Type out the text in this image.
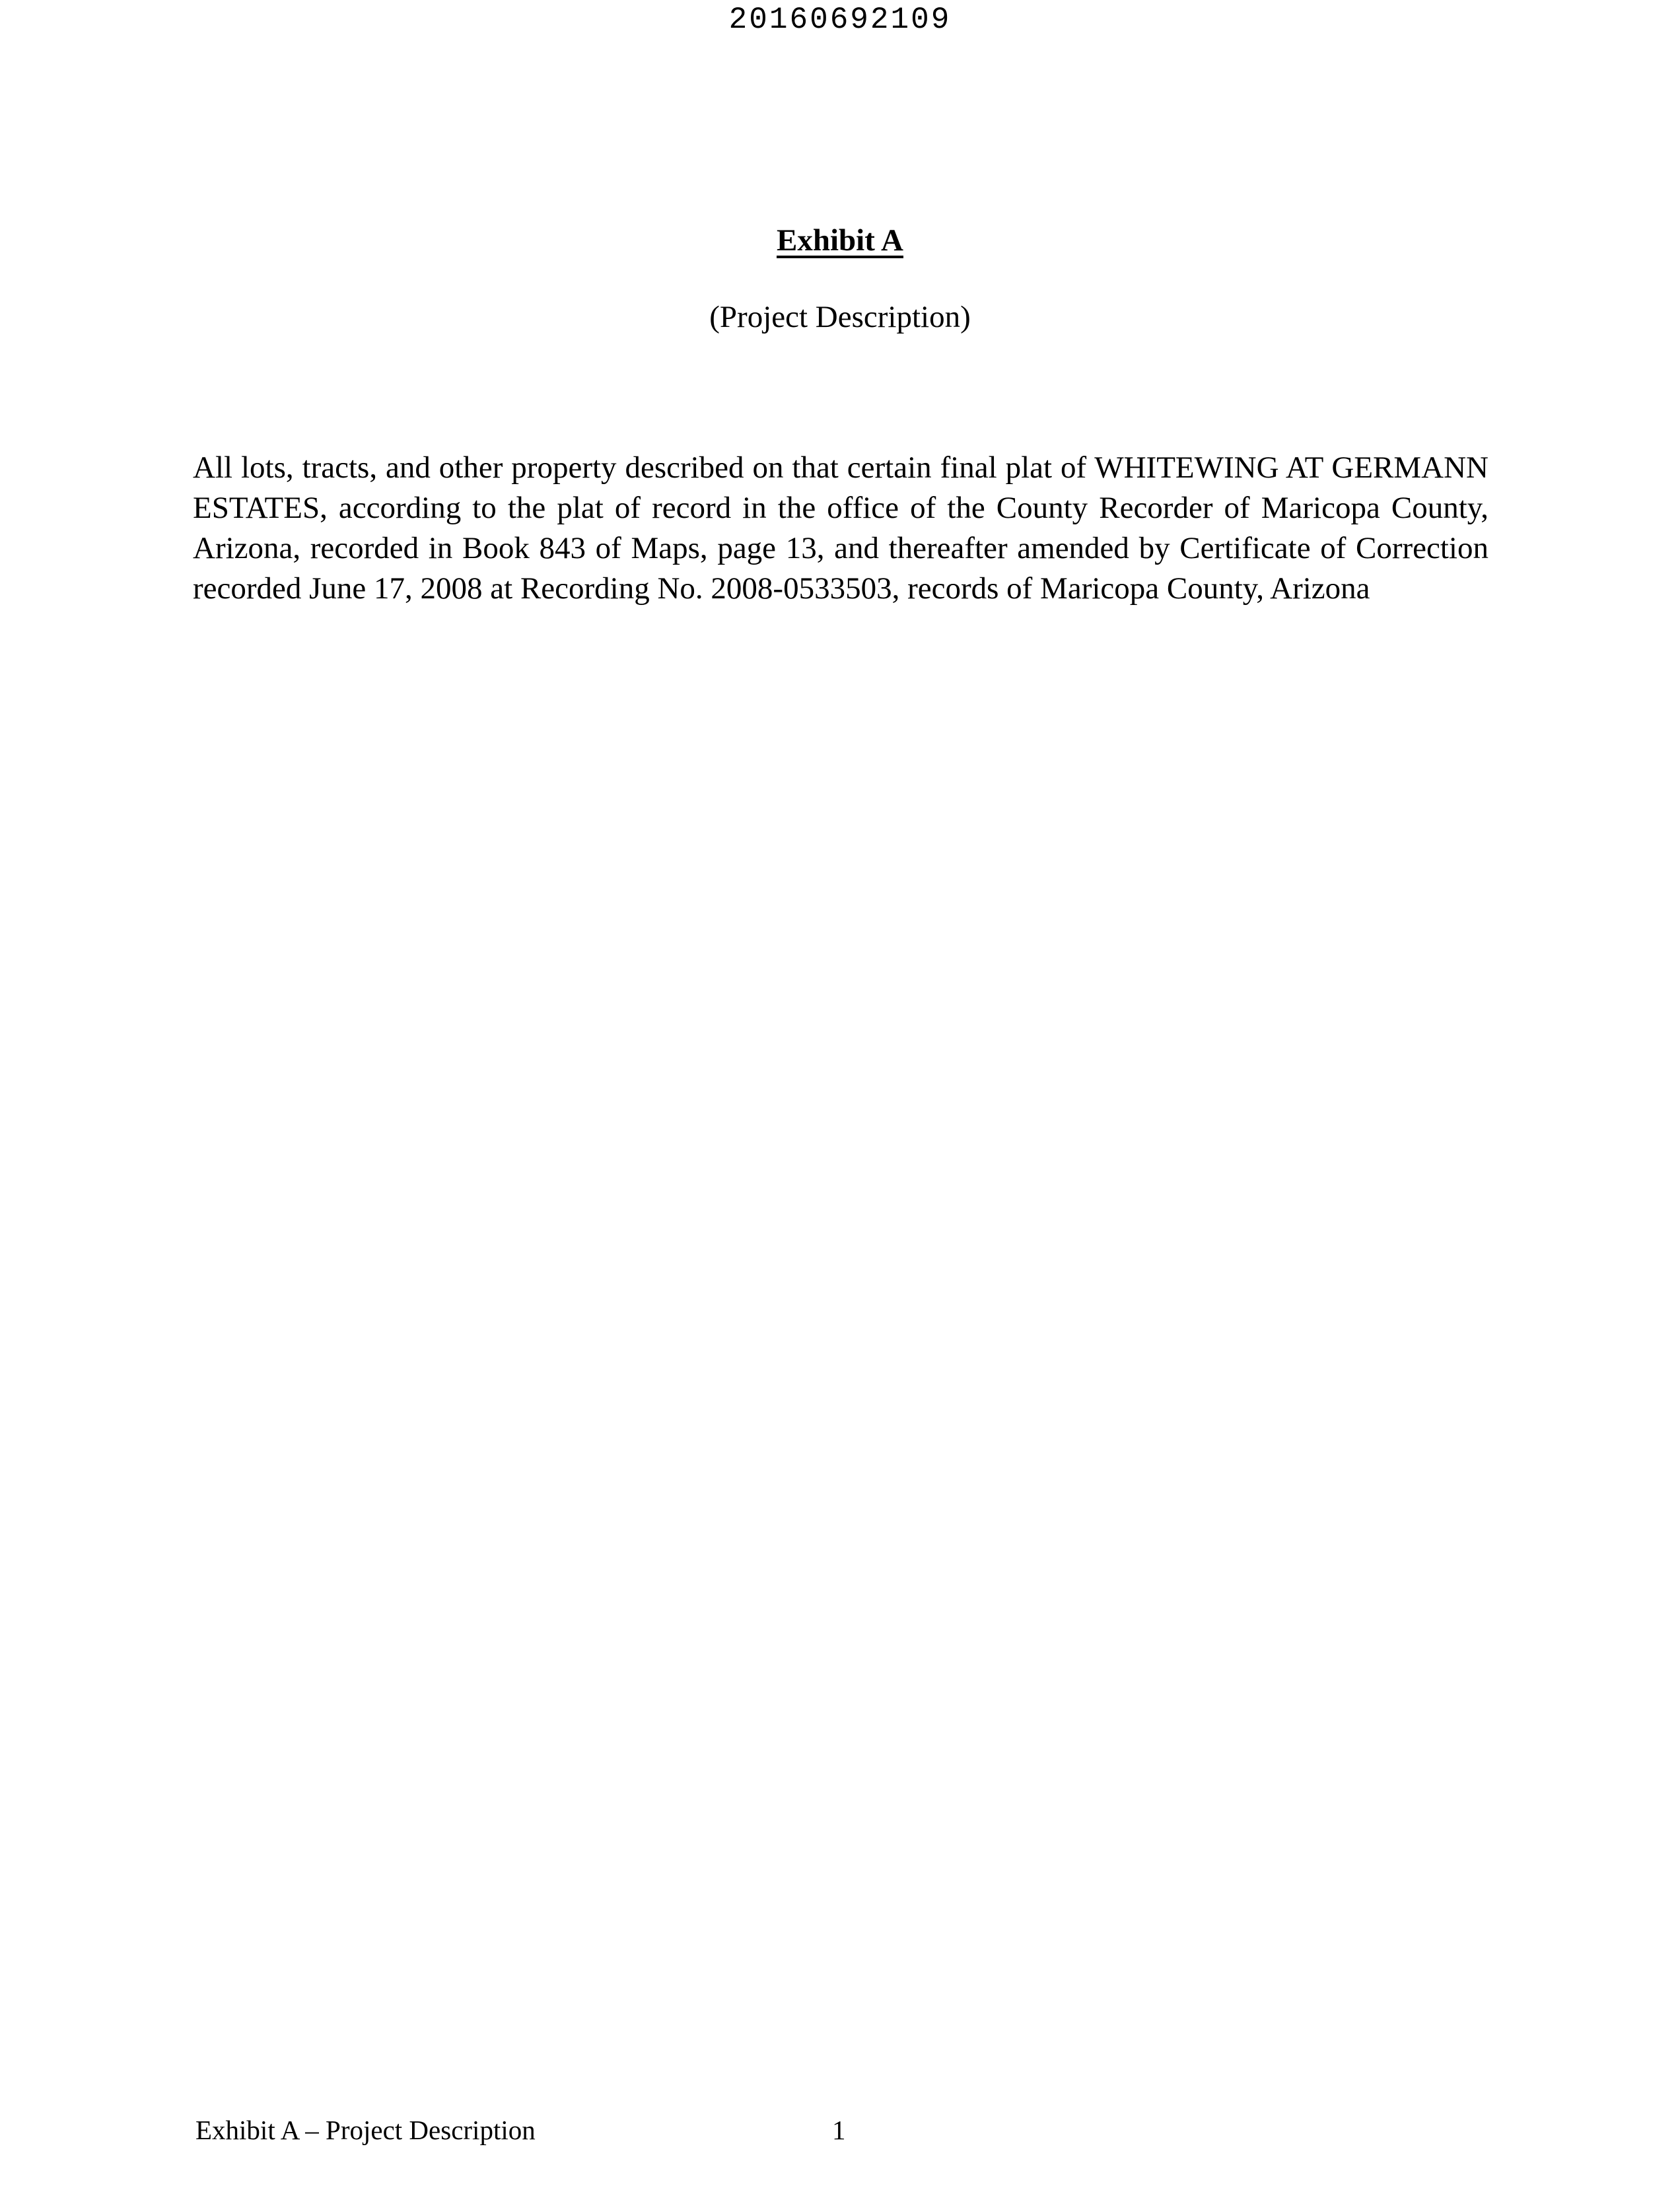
20160692109
Exhibit A
(Project Description)

All lots, tracts, and other property described on that certain final plat of WHITEWING AT GERMANN ESTATES, according to the plat of record in the office of the County Recorder of Maricopa County, Arizona, recorded in Book 843 of Maps, page 13, and thereafter amended by Certificate of Correction recorded June 17, 2008 at Recording No. 2008-0533503, records of Maricopa County, Arizona

Exhibit A – Project Description	1
